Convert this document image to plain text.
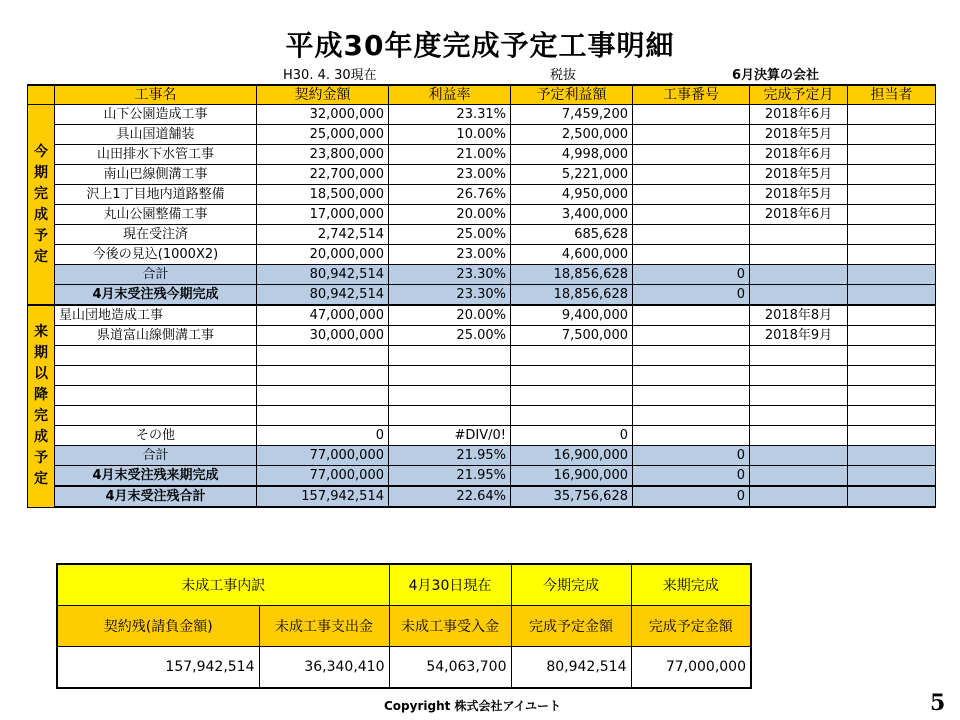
平成30年度完成予定工事明細
H30. 4. 30現在	税抜	6月決算の会社
	工事名	契約金額	利益率	予定利益額	工事番号	完成予定月	担当者
今期完成予定	山下公園造成工事	32,000,000	23.31%	7,459,200		2018年6月	
	具山国道舗装	25,000,000	10.00%	2,500,000		2018年5月	
	山田排水下水管工事	23,800,000	21.00%	4,998,000		2018年6月	
	南山巴線側溝工事	22,700,000	23.00%	5,221,000		2018年5月	
	沢上1丁目地内道路整備	18,500,000	26.76%	4,950,000		2018年5月	
	丸山公園整備工事	17,000,000	20.00%	3,400,000		2018年6月	
	現在受注済	2,742,514	25.00%	685,628			
	今後の見込(1000X2)	20,000,000	23.00%	4,600,000			
	合計	80,942,514	23.30%	18,856,628	0		
	4月末受注残今期完成	80,942,514	23.30%	18,856,628	0		
来期以降完成予定	星山団地造成工事	47,000,000	20.00%	9,400,000		2018年8月	
	県道富山線側溝工事	30,000,000	25.00%	7,500,000		2018年9月	

	その他	0	#DIV/0!	0			
	合計	77,000,000	21.95%	16,900,000	0		
	4月末受注残来期完成	77,000,000	21.95%	16,900,000	0		
	4月末受注残合計	157,942,514	22.64%	35,756,628	0		
未成工事内訳		4月30日現在	今期完成	来期完成
契約残(請負金額)	未成工事支出金	未成工事受入金	完成予定金額	完成予定金額
157,942,514	36,340,410	54,063,700	80,942,514	77,000,000
Copyright 株式会社アイユート	5
